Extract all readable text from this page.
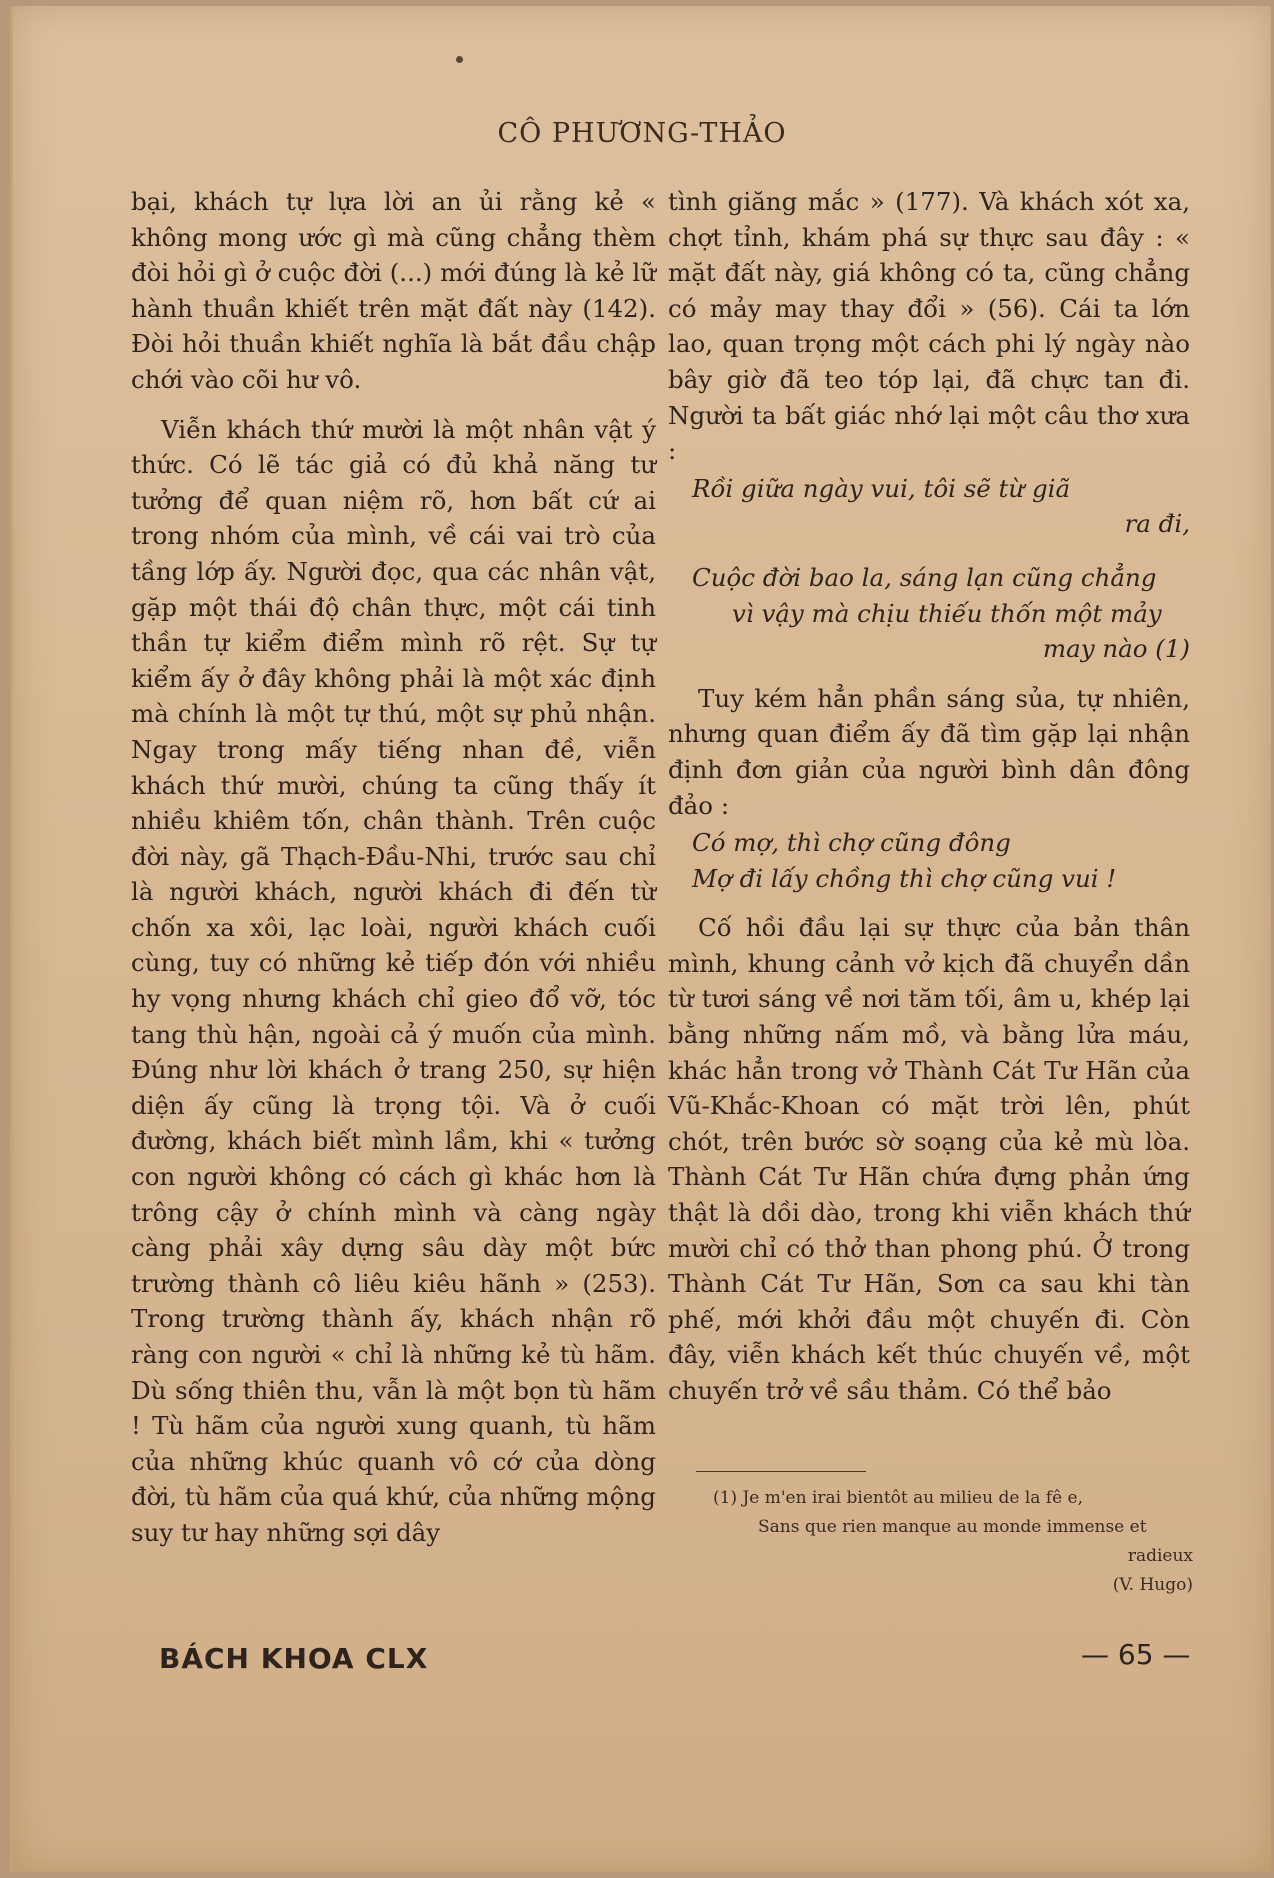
CÔ PHƯƠNG-THẢO

bại, khách tự lựa lời an ủi rằng kẻ « không mong ước gì mà cũng chẳng thèm đòi hỏi gì ở cuộc đời (...) mới đúng là kẻ lữ hành thuần khiết trên mặt đất này (142). Đòi hỏi thuần khiết nghĩa là bắt đầu chập chới vào cõi hư vô.

Viễn khách thứ mười là một nhân vật ý thức. Có lẽ tác giả có đủ khả năng tư tưởng để quan niệm rõ, hơn bất cứ ai trong nhóm của mình, về cái vai trò của tầng lớp ấy. Người đọc, qua các nhân vật, gặp một thái độ chân thực, một cái tinh thần tự kiểm điểm mình rõ rệt. Sự tự kiểm ấy ở đây không phải là một xác định mà chính là một tự thú, một sự phủ nhận. Ngay trong mấy tiếng nhan đề, viễn khách thứ mười, chúng ta cũng thấy ít nhiều khiêm tốn, chân thành. Trên cuộc đời này, gã Thạch-Đầu-Nhi, trước sau chỉ là người khách, người khách đi đến từ chốn xa xôi, lạc loài, người khách cuối cùng, tuy có những kẻ tiếp đón với nhiều hy vọng nhưng khách chỉ gieo đổ vỡ, tóc tang thù hận, ngoài cả ý muốn của mình. Đúng như lời khách ở trang 250, sự hiện diện ấy cũng là trọng tội. Và ở cuối đường, khách biết mình lầm, khi « tưởng con người không có cách gì khác hơn là trông cậy ở chính mình và càng ngày càng phải xây dựng sâu dày một bức trường thành cô liêu kiêu hãnh » (253). Trong trường thành ấy, khách nhận rõ ràng con người « chỉ là những kẻ tù hãm. Dù sống thiên thu, vẫn là một bọn tù hãm ! Tù hãm của người xung quanh, tù hãm của những khúc quanh vô cớ của dòng đời, tù hãm của quá khứ, của những mộng suy tư hay những sợi dây

tình giăng mắc » (177). Và khách xót xa, chợt tỉnh, khám phá sự thực sau đây : « mặt đất này, giá không có ta, cũng chẳng có mảy may thay đổi » (56). Cái ta lớn lao, quan trọng một cách phi lý ngày nào bây giờ đã teo tóp lại, đã chực tan đi. Người ta bất giác nhớ lại một câu thơ xưa :

Rồi giữa ngày vui, tôi sẽ từ giã
ra đi,
Cuộc đời bao la, sáng lạn cũng chẳng
vì vậy mà chịu thiếu thốn một mảy
may nào (1)

Tuy kém hẳn phần sáng sủa, tự nhiên, nhưng quan điểm ấy đã tìm gặp lại nhận định đơn giản của người bình dân đông đảo :

Có mợ, thì chợ cũng đông
Mợ đi lấy chồng thì chợ cũng vui !

Cố hồi đầu lại sự thực của bản thân mình, khung cảnh vở kịch đã chuyển dần từ tươi sáng về nơi tăm tối, âm u, khép lại bằng những nấm mồ, và bằng lửa máu, khác hẳn trong vở Thành Cát Tư Hãn của Vũ-Khắc-Khoan có mặt trời lên, phút chót, trên bước sờ soạng của kẻ mù lòa. Thành Cát Tư Hãn chứa đựng phản ứng thật là dồi dào, trong khi viễn khách thứ mười chỉ có thở than phong phú. Ở trong Thành Cát Tư Hãn, Sơn ca sau khi tàn phế, mới khởi đầu một chuyến đi. Còn đây, viễn khách kết thúc chuyến về, một chuyến trở về sầu thảm. Có thể bảo

(1) Je m'en irai bientôt au milieu de la fê e,
Sans que rien manque au monde immense et
radieux
(V. Hugo)
BÁCH KHOA CLX	— 65 —
